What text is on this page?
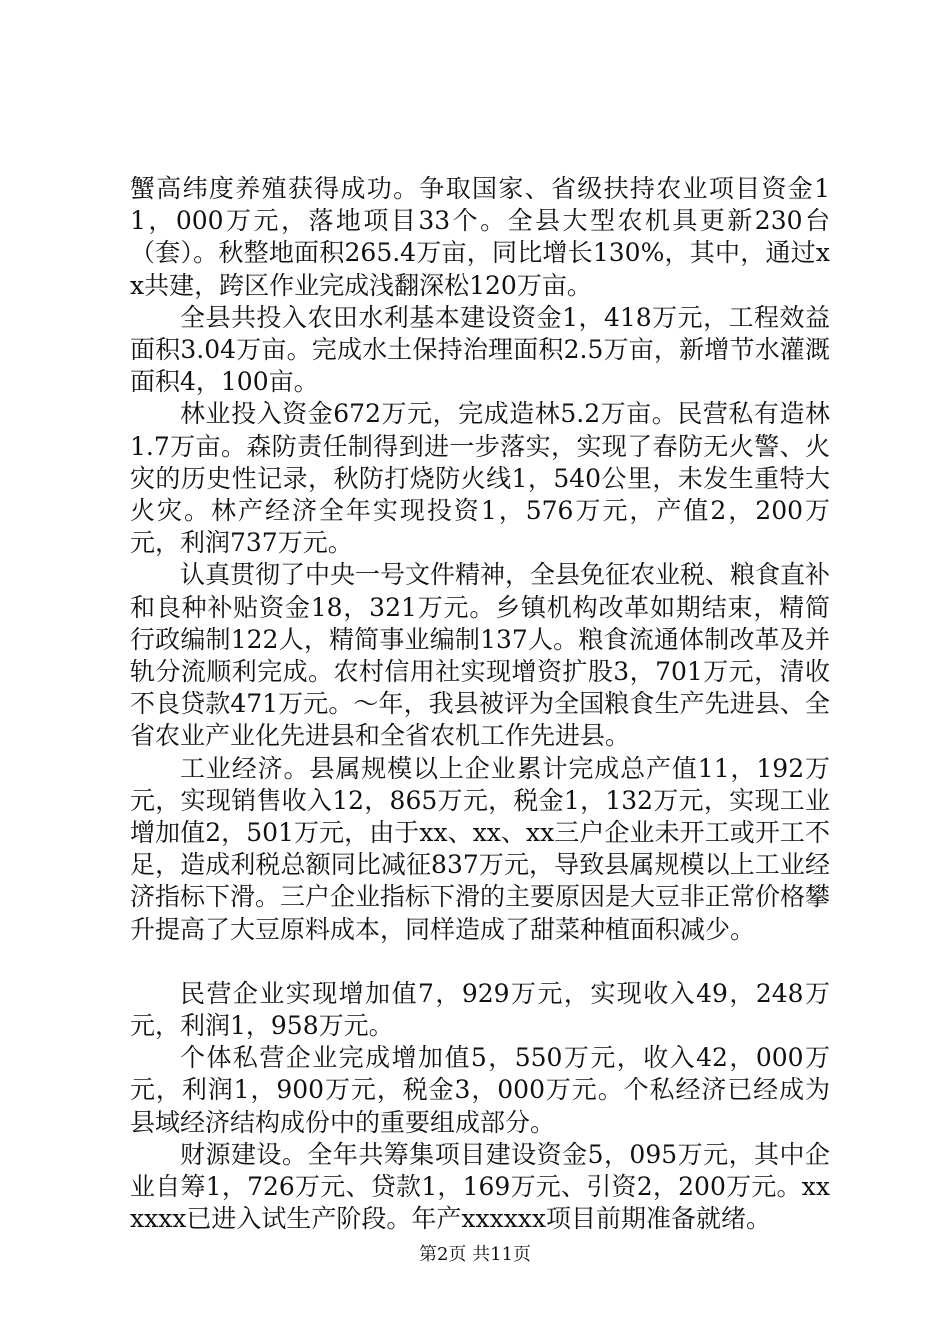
蟹高纬度养殖获得成功。争取国家、省级扶持农业项目资金11，000万元，落地项目33个。全县大型农机具更新230台（套）。秋整地面积265.4万亩，同比增长130%，其中，通过xx共建，跨区作业完成浅翻深松120万亩。

全县共投入农田水利基本建设资金1，418万元，工程效益面积3.04万亩。完成水土保持治理面积2.5万亩，新增节水灌溉面积4，100亩。

林业投入资金672万元，完成造林5.2万亩。民营私有造林1.7万亩。森防责任制得到进一步落实，实现了春防无火警、火灾的历史性记录，秋防打烧防火线1，540公里，未发生重特大火灾。林产经济全年实现投资1，576万元，产值2，200万元，利润737万元。

认真贯彻了中央一号文件精神，全县免征农业税、粮食直补和良种补贴资金18，321万元。乡镇机构改革如期结束，精简行政编制122人，精简事业编制137人。粮食流通体制改革及并轨分流顺利完成。农村信用社实现增资扩股3，701万元，清收不良贷款471万元。～年，我县被评为全国粮食生产先进县、全省农业产业化先进县和全省农机工作先进县。

工业经济。县属规模以上企业累计完成总产值11，192万元，实现销售收入12，865万元，税金1，132万元，实现工业增加值2，501万元，由于xx、xx、xx三户企业未开工或开工不足，造成利税总额同比减征837万元，导致县属规模以上工业经济指标下滑。三户企业指标下滑的主要原因是大豆非正常价格攀升提高了大豆原料成本，同样造成了甜菜种植面积减少。

民营企业实现增加值7，929万元，实现收入49，248万元，利润1，958万元。

个体私营企业完成增加值5，550万元，收入42，000万元，利润1，900万元，税金3，000万元。个私经济已经成为县域经济结构成份中的重要组成部分。

财源建设。全年共筹集项目建设资金5，095万元，其中企业自筹1，726万元、贷款1，169万元、引资2，200万元。xxxxxx已进入试生产阶段。年产xxxxxx项目前期准备就绪。

第2页 共11页
